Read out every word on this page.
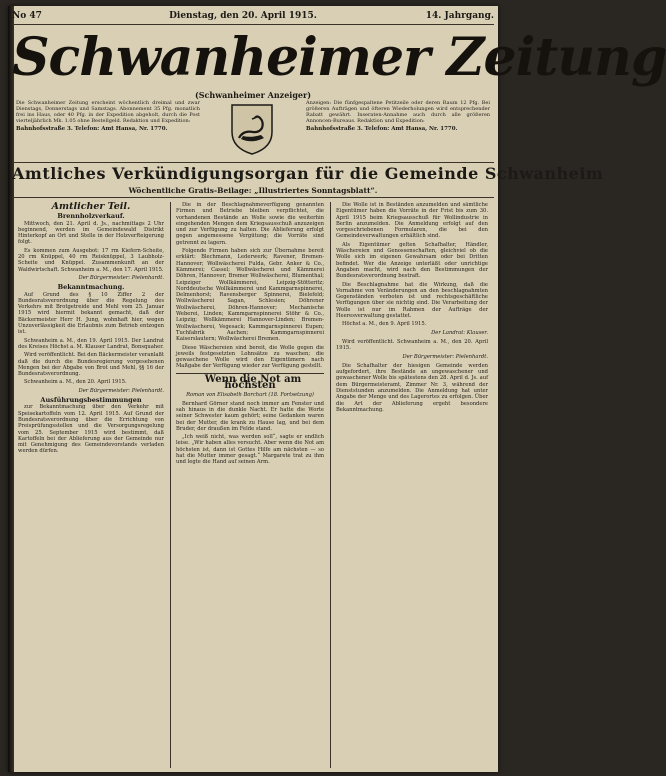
No 47	Dienstag, den 20. April 1915.	14. Jahrgang.
Schwanheimer Zeitung
(Schwanheimer Anzeiger)
Die Schwanheimer Zeitung erscheint wöchentlich dreimal und zwar Dienstags, Donnerstags und Samstags. Abonnement 35 Pfg. monatlich frei ins Haus, oder 40 Pfg. in der Expedition abgeholt, durch die Post vierteljährlich Mk. 1.05 ohne Bestellgeld. Redaktion und Expedition:
Bahnhofsstraße 3. Telefon: Amt Hansa, Nr. 1770.
Anzeigen: Die fünfgespaltene Petitzeile oder deren Raum 12 Pfg. Bei größeren Aufträgen und öfteren Wiederholungen wird entsprechender Rabatt gewährt. Inseraten-Annahme auch durch alle größeren Annoncen-Bureaus. Redaktion und Expedition:
Bahnhofsstraße 3. Telefon: Amt Hansa, Nr. 1770.
Amtliches Verkündigungsorgan für die Gemeinde Schwanheim
Wöchentliche Gratis-Beilage: „Illustriertes Sonntagsblatt“.
Amtlicher Teil.
Brennholzverkauf.

Mittwoch, den 21. April d. Js., nachmittags 2 Uhr beginnend, werden im Gemeindewald Distrikt Hinterkopf an Ort und Stelle in der Holzverfteigerung folgt.

Es kommen zum Ausgebot: 17 rm Kiefern-Scheite, 20 rm Knüppel, 40 rm Reisknüppel, 3 Laubholz-Scheite und Knüppel. Zusammenkunft an der Waldwirtschaft. Schwanheim a. M., den 17. April 1915.

Der Bürgermeister: Pielenhardt.
Bekanntmachung.

Auf Grund des § 10 Ziffer 2 der Bundesratsverordnung über die Regelung des Verkehrs mit Brotgetreide und Mehl vom 25. Januar 1915 wird hiermit bekannt gemacht, daß der Bäckermeister Herr H. Jung, wohnhaft hier, wegen Unzuverlässigkeit die Erlaubnis zum Betrieb entzogen ist.

Schwanheim a. M., den 19. April 1915. Der Landrat des Kreises Höchst a. M. Klauser Landrat, Bonsquaher.

Wird veröffentlicht. Bei den Bäckermeister veranlaßt daß die durch die Bundesregierung vorgesehenen Mengen bei der Abgabe von Brot und Mehl, §§ 16 der Bundesratsverordnung.

Schwanheim a. M., den 20. April 1915.

Der Bürgermeister: Pielenhardt.
Ausführungsbestimmungen

zur Bekanntmachung über den Verkehr mit Speisekartoffeln vom 12. April 1915. Auf Grund der Bundesratsverordnung über die Errichtung von Preisprüfungsstellen und die Versorgungsregelung vom 25. September 1915 wird bestimmt, daß Kartoffeln bei der Ablieferung aus der Gemeinde nur mit Genehmigung des Gemeindevorstands verladen werden dürfen.

Die in der Beschlagnahmeverfügung genannten Firmen und Betriebe bleiben verpflichtet, die vorhandenen Bestände an Wolle sowie die weiterhin eingehenden Mengen dem Kriegsausschuß anzuzeigen und zur Verfügung zu halten. Die Ablieferung erfolgt gegen angemessene Vergütung; die Vorräte sind getrennt zu lagern.

Folgende Firmen haben sich zur Übernahme bereit erklärt: Blechmann, Lederwerk; Ravener, Bremen-Hannover; Wollwäscherei Fulda, Gebr. Anker & Co., Kämmerei; Cassel; Wollwäscherei und Kämmerei Döhren, Hannover; Bremer Wollwäscherei, Blumenthal; Leipziger Wollkämmerei, Leipzig-Stötteritz; Norddeutsche Wollkämmerei und Kammgarnspinnerei, Delmenhorst; Ravensberger Spinnerei, Bielefeld; Wollwäscherei Sagan, Schlesien; Döhrener Wollwäscherei, Döhren-Hannover; Mechanische Weberei, Linden; Kammgarnspinnerei Stöhr & Co., Leipzig; Wollkämmerei Hannover-Linden; Bremen-Wollwäscherei, Vegesack; Kammgarnspinnerei Eupen; Tuchfabrik Aachen; Kammgarnspinnerei Kaiserslautern; Wollwäscherei Bremen.

Diese Wäschereien sind bereit, die Wolle gegen die jeweils festgesetzten Lohnsätze zu waschen; die gewaschene Wolle wird den Eigentümern nach Maßgabe der Verfügung wieder zur Verfügung gestellt.

Wenn die Not am höchsten

Roman von Elisabeth Borchart (18. Fortsetzung)

Bernhard Görner stand noch immer am Fenster und sah hinaus in die dunkle Nacht. Er hatte die Worte seiner Schwester kaum gehört; seine Gedanken waren bei der Mutter, die krank zu Hause lag, und bei dem Bruder, der draußen im Felde stand.

„Ich weiß nicht, was werden soll“, sagte er endlich leise. „Wir haben alles versucht. Aber wenn die Not am höchsten ist, dann ist Gottes Hilfe am nächsten — so hat die Mutter immer gesagt.“ Margarete trat zu ihm und legte die Hand auf seinen Arm.

Die Wolle ist in Beständen anzumelden und sämtliche Eigentümer haben die Vorräte in der Frist bis zum 30. April 1915 beim Kriegsausschuß für Wollindustrie in Berlin anzumelden. Die Anmeldung erfolgt auf den vorgeschriebenen Formularen, die bei den Gemeindeverwaltungen erhältlich sind.

Als Eigentümer gelten Schafhalter, Händler, Wäschereien und Genossenschaften, gleichviel ob die Wolle sich im eigenen Gewahrsam oder bei Dritten befindet. Wer die Anzeige unterläßt oder unrichtige Angaben macht, wird nach den Bestimmungen der Bundesratsverordnung bestraft.

Die Beschlagnahme hat die Wirkung, daß die Vornahme von Veränderungen an den beschlagnahmten Gegenständen verboten ist und rechtsgeschäftliche Verfügungen über sie nichtig sind. Die Verarbeitung der Wolle ist nur im Rahmen der Aufträge der Heeresverwaltung gestattet.

Höchst a. M., den 9. April 1915.

Der Landrat: Klauser.

Wird veröffentlicht. Schwanheim a. M., den 20. April 1915.

Der Bürgermeister: Pielenhardt.

Die Schafhalter der hiesigen Gemeinde werden aufgefordert, ihre Bestände an ungewaschener und gewaschener Wolle bis spätestens den 28. April d. Js. auf dem Bürgermeisteramt, Zimmer Nr. 3, während der Dienststunden anzumelden. Die Anmeldung hat unter Angabe der Menge und des Lagerortes zu erfolgen. Über die Art der Ablieferung ergeht besondere Bekanntmachung.
